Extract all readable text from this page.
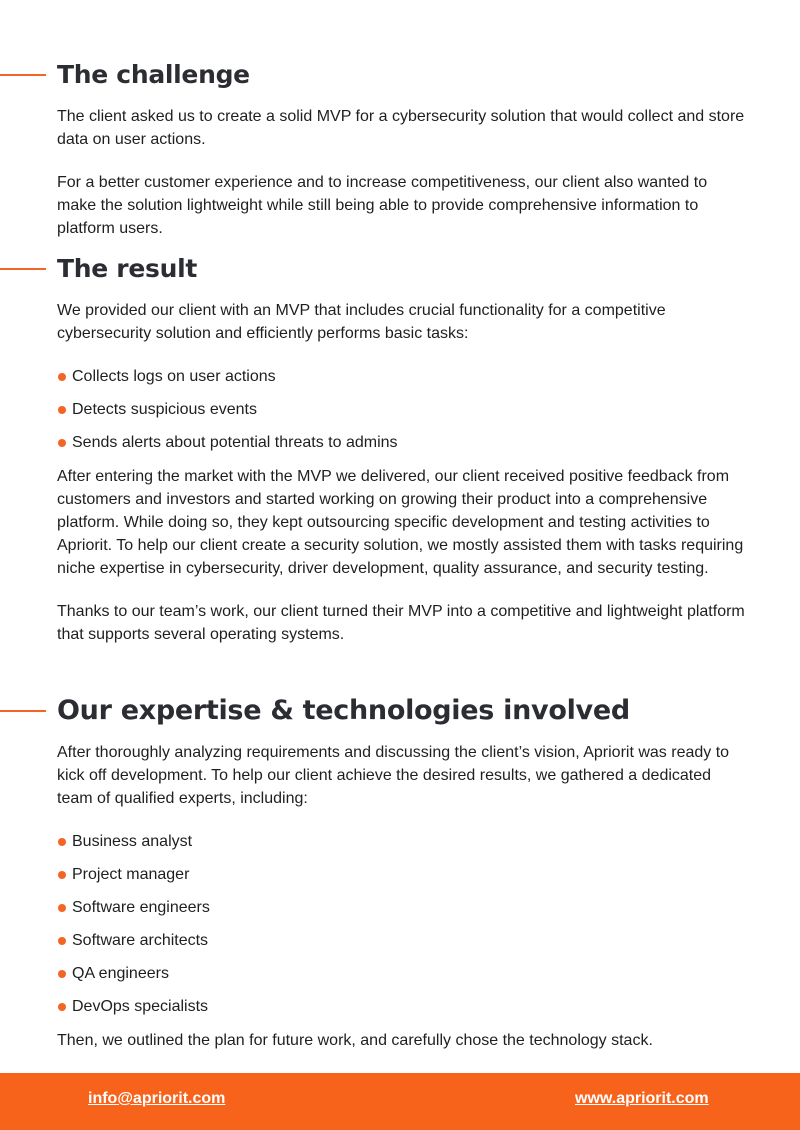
The challenge

The client asked us to create a solid MVP for a cybersecurity solution that would collect and store data on user actions.

For a better customer experience and to increase competitiveness, our client also wanted to make the solution lightweight while still being able to provide comprehensive information to platform users.

The result

We provided our client with an MVP that includes crucial functionality for a competitive cybersecurity solution and efficiently performs basic tasks:

Collects logs on user actions
Detects suspicious events
Sends alerts about potential threats to admins

After entering the market with the MVP we delivered, our client received positive feedback from customers and investors and started working on growing their product into a comprehensive platform. While doing so, they kept outsourcing specific development and testing activities to Apriorit. To help our client create a security solution, we mostly assisted them with tasks requiring niche expertise in cybersecurity, driver development, quality assurance, and security testing.

Thanks to our team’s work, our client turned their MVP into a competitive and lightweight platform that supports several operating systems.

Our expertise & technologies involved

After thoroughly analyzing requirements and discussing the client’s vision, Apriorit was ready to kick off development. To help our client achieve the desired results, we gathered a dedicated team of qualified experts, including:

Business analyst
Project manager
Software engineers
Software architects
QA engineers
DevOps specialists

Then, we outlined the plan for future work, and carefully chose the technology stack.

info@apriorit.com	www.apriorit.com
